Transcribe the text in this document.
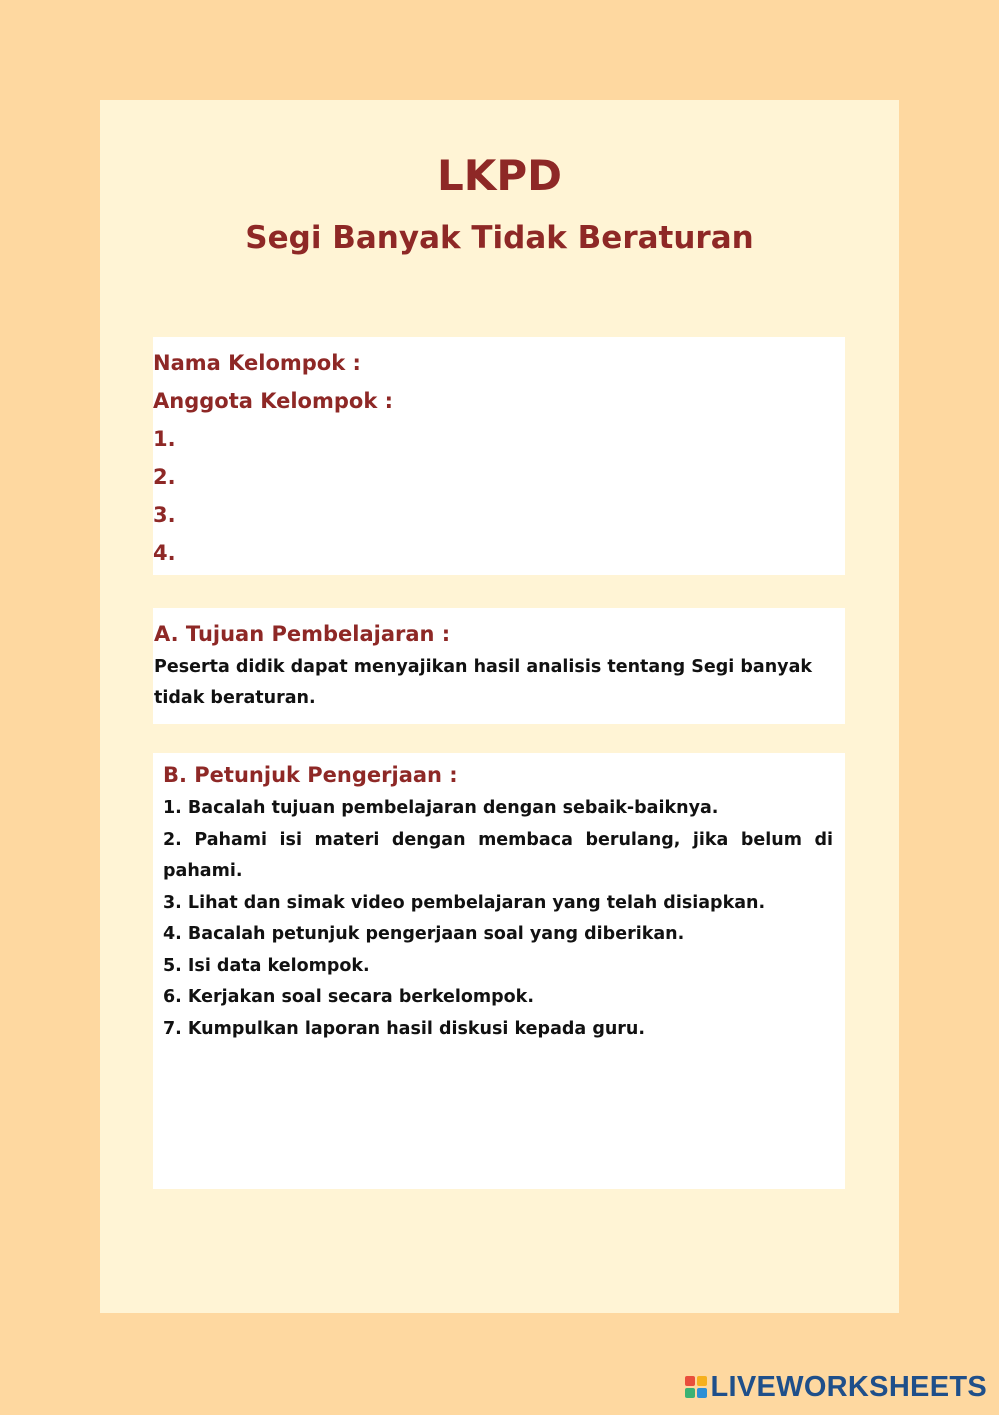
LKPD
Segi Banyak Tidak Beraturan

Nama Kelompok :

Anggota Kelompok :

1.

2.

3.

4.

A. Tujuan Pembelajaran :

Peserta didik dapat menyajikan hasil analisis tentang Segi banyak tidak beraturan.

B. Petunjuk Pengerjaan :

1. Bacalah tujuan pembelajaran dengan sebaik-baiknya.
2. Pahami isi materi dengan membaca berulang, jika belum di pahami.
3. Lihat dan simak video pembelajaran yang telah disiapkan.
4. Bacalah petunjuk pengerjaan soal yang diberikan.
5. Isi data kelompok.
6. Kerjakan soal secara berkelompok.
7. Kumpulkan laporan hasil diskusi kepada guru.
LIVEWORKSHEETS
